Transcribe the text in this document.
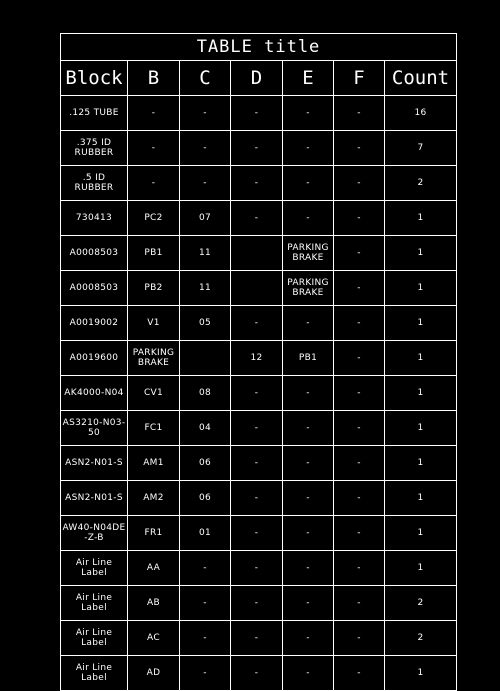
TABLE title						
Block	B	C	D	E	F	Count
.125 TUBE	-	-	-	-	-	16
.375 ID
RUBBER	-	-	-	-	-	7
.5 ID
RUBBER	-	-	-	-	-	2
730413	PC2	07	-	-	-	1
A0008503	PB1	11		PARKING
BRAKE	-	1
A0008503	PB2	11		PARKING
BRAKE	-	1
A0019002	V1	05	-	-	-	1
A0019600	PARKING
BRAKE		12	PB1	-	1
AK4000-N04	CV1	08	-	-	-	1
AS3210-N03-
50	FC1	04	-	-	-	1
ASN2-N01-S	AM1	06	-	-	-	1
ASN2-N01-S	AM2	06	-	-	-	1
AW40-N04DE
-Z-B	FR1	01	-	-	-	1
Air Line
Label	AA	-	-	-	-	1
Air Line
Label	AB	-	-	-	-	2
Air Line
Label	AC	-	-	-	-	2
Air Line
Label	AD	-	-	-	-	1
